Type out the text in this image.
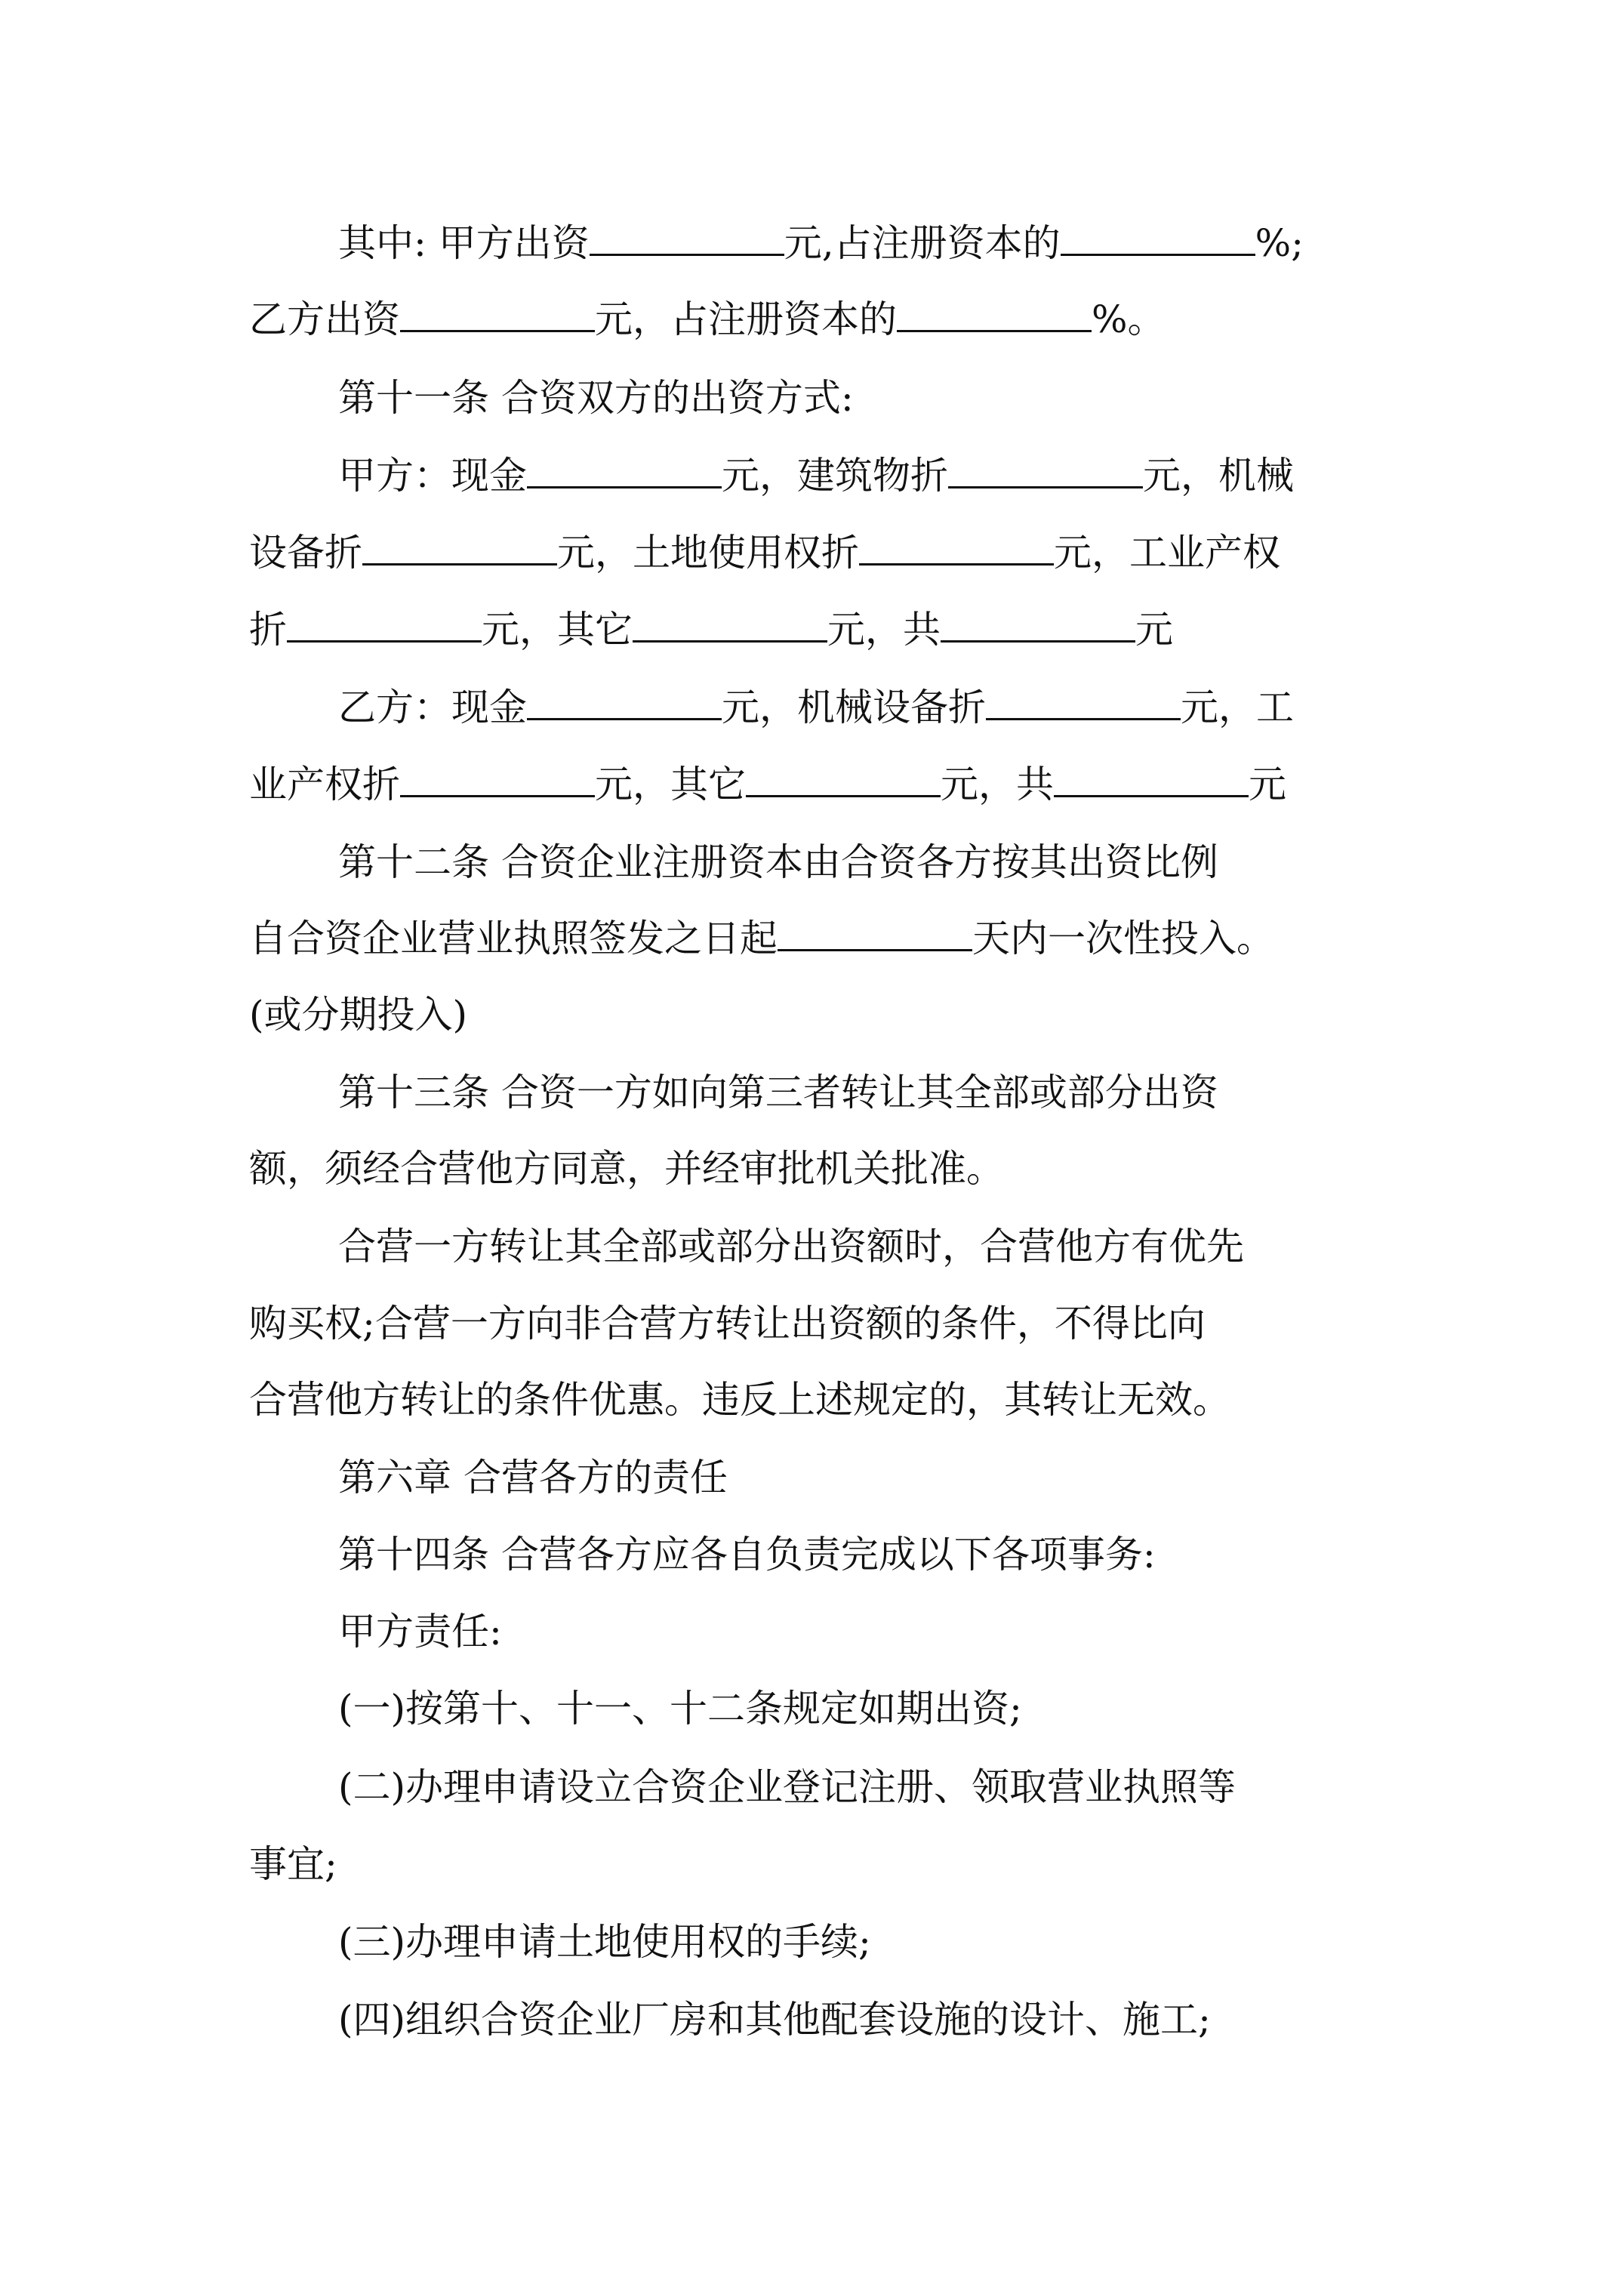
其中: 甲方出资	元,占注册资本的	%;
乙方出资	元，占注册资本的	%。
第十一条 合资双方的出资方式:
甲方：现金	元，建筑物折	元，机械
设备折	元，土地使用权折	元，工业产权
折	元，其它	元，共	元
乙方：现金	元，机械设备折	元，工
业产权折	元，其它	元，共	元
第十二条 合资企业注册资本由合资各方按其出资比例
自合资企业营业执照签发之日起	天内一次性投入。
(或分期投入)
第十三条 合资一方如向第三者转让其全部或部分出资
额，须经合营他方同意，并经审批机关批准。
合营一方转让其全部或部分出资额时，合营他方有优先
购买权;合营一方向非合营方转让出资额的条件，不得比向
合营他方转让的条件优惠。违反上述规定的，其转让无效。
第六章 合营各方的责任
第十四条 合营各方应各自负责完成以下各项事务:
甲方责任:
(一)按第十、十一、十二条规定如期出资;
(二)办理申请设立合资企业登记注册、领取营业执照等
事宜;
(三)办理申请土地使用权的手续;
(四)组织合资企业厂房和其他配套设施的设计、施工;
